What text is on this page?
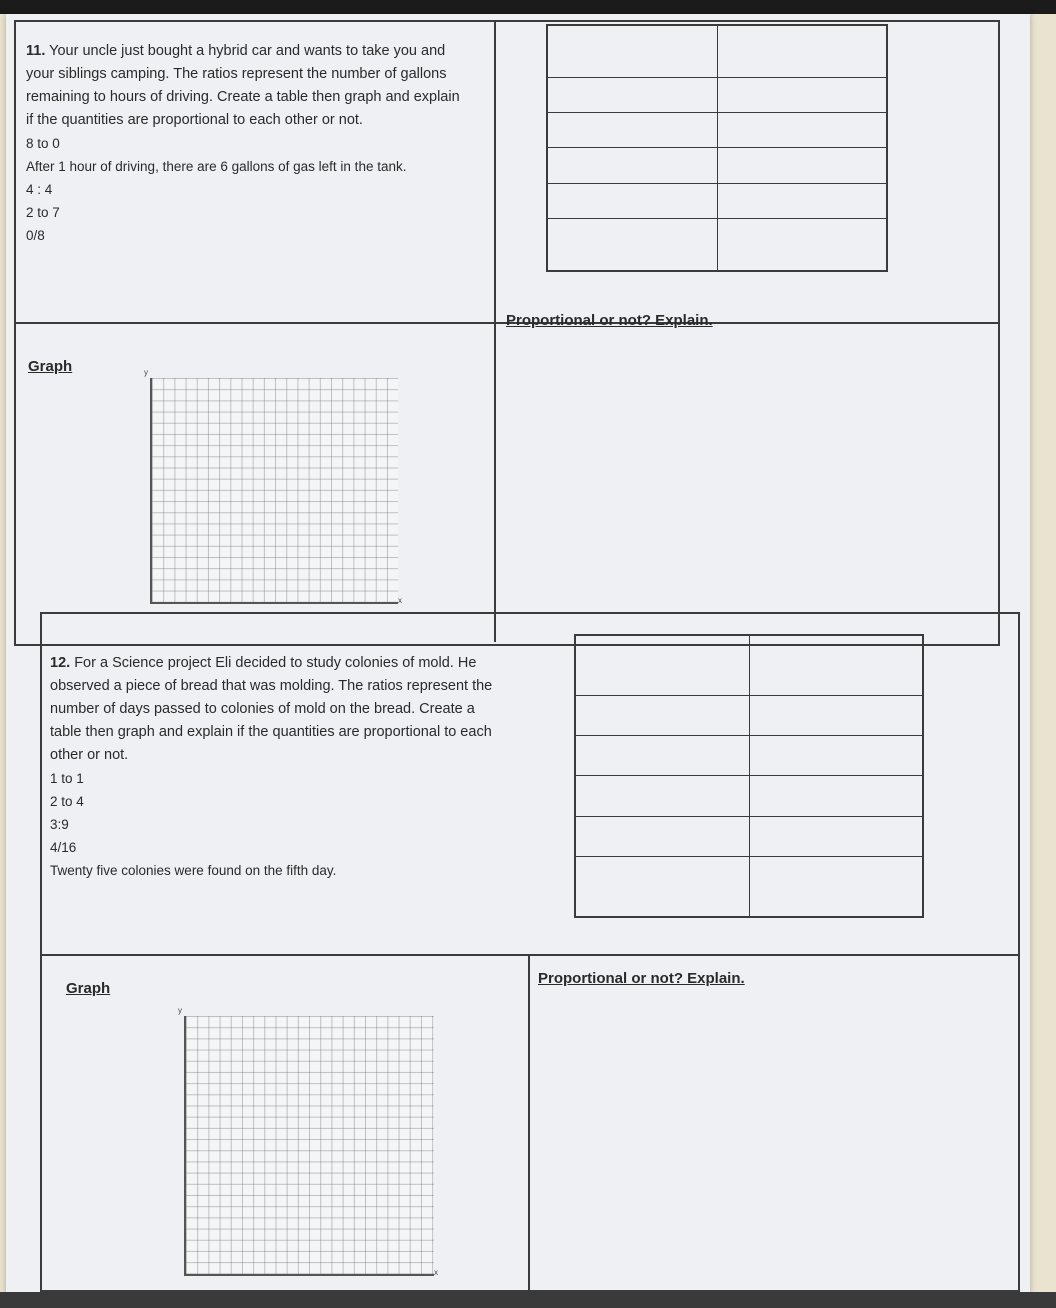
11. Your uncle just bought a hybrid car and wants to take you and your siblings camping. The ratios represent the number of gallons remaining to hours of driving. Create a table then graph and explain if the quantities are proportional to each other or not.
8 to 0
After 1 hour of driving, there are 6 gallons of gas left in the tank.
4 : 4
2 to 7
0/8

Graph
Proportional or not? Explain.
y
x
12. For a Science project Eli decided to study colonies of mold. He observed a piece of bread that was molding. The ratios represent the number of days passed to colonies of mold on the bread. Create a table then graph and explain if the quantities are proportional to each other or not.
1 to 1
2 to 4
3:9
4/16
Twenty five colonies were found on the fifth day.

Graph
Proportional or not? Explain.
y
x
